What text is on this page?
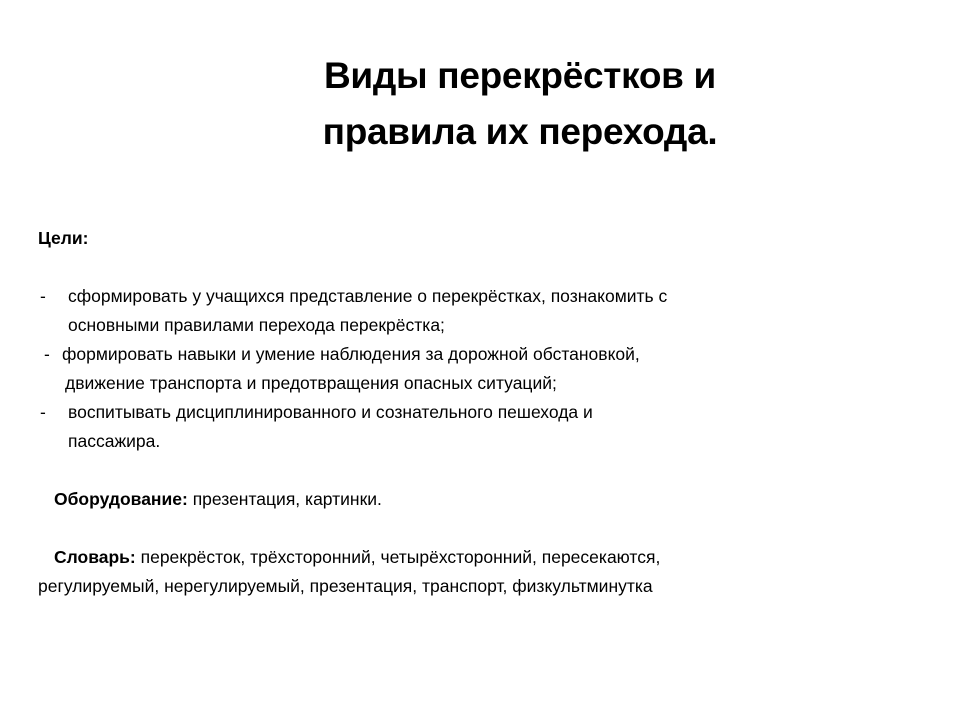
Виды перекрёстков и
правила их перехода.
Цели:
- сформировать у учащихся представление о перекрёстках, познакомить с
основными правилами перехода перекрёстка;
- формировать навыки и умение наблюдения за дорожной обстановкой,
движение транспорта и предотвращения опасных ситуаций;
- воспитывать дисциплинированного и сознательного пешехода и
пассажира.
Оборудование: презентация, картинки.
Словарь: перекрёсток, трёхсторонний, четырёхсторонний, пересекаются,
регулируемый, нерегулируемый, презентация, транспорт, физкультминутка
